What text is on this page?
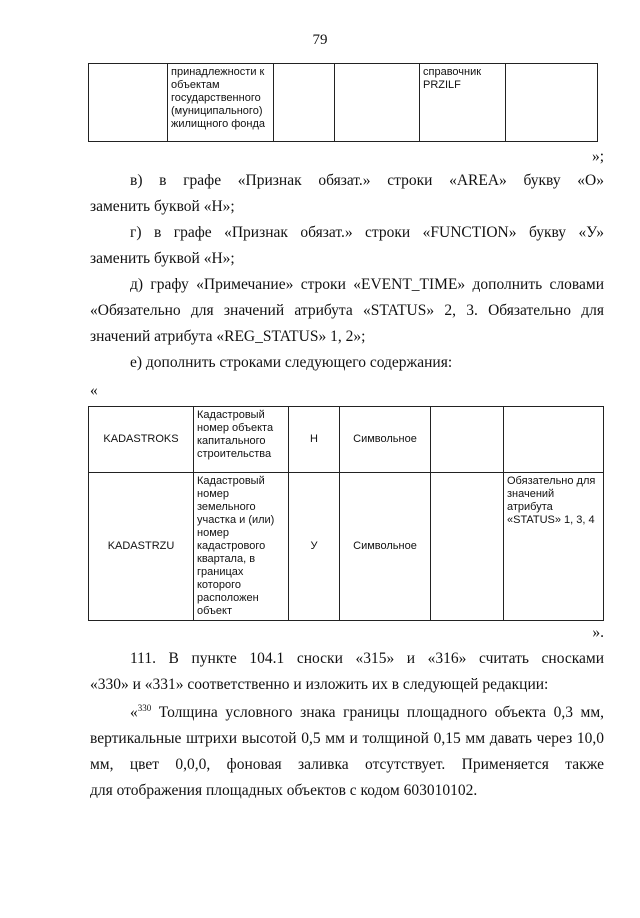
79
	принадлежности к объектам государственного (муниципального) жилищного фонда			справочник PRZILF	
»;
в) в графе «Признак обязат.» строки «AREA» букву «О»
заменить буквой «Н»;
г) в графе «Признак обязат.» строки «FUNCTION» букву «У»
заменить буквой «Н»;
д) графу «Примечание» строки «EVENT_TIME» дополнить словами
«Обязательно для значений атрибута «STATUS» 2, 3. Обязательно для
значений атрибута «REG_STATUS» 1, 2»;
е) дополнить строками следующего содержания:
«
KADASTROKS	Кадастровый номер объекта капитального строительства	Н	Символьное		
KADASTRZU	Кадастровый номер земельного участка и (или) номер кадастрового квартала, в границах которого расположен объект	У	Символьное		Обязательно для значений атрибута «STATUS» 1, 3, 4
».
111. В пункте 104.1 сноски «315» и «316» считать сносками
«330» и «331» соответственно и изложить их в следующей редакции:
«$^{330}$ Толщина условного знака границы площадного объекта 0,3 мм,
вертикальные штрихи высотой 0,5 мм и толщиной 0,15 мм давать через 10,0
мм, цвет 0,0,0, фоновая заливка отсутствует. Применяется также
для отображения площадных объектов с кодом 603010102.
